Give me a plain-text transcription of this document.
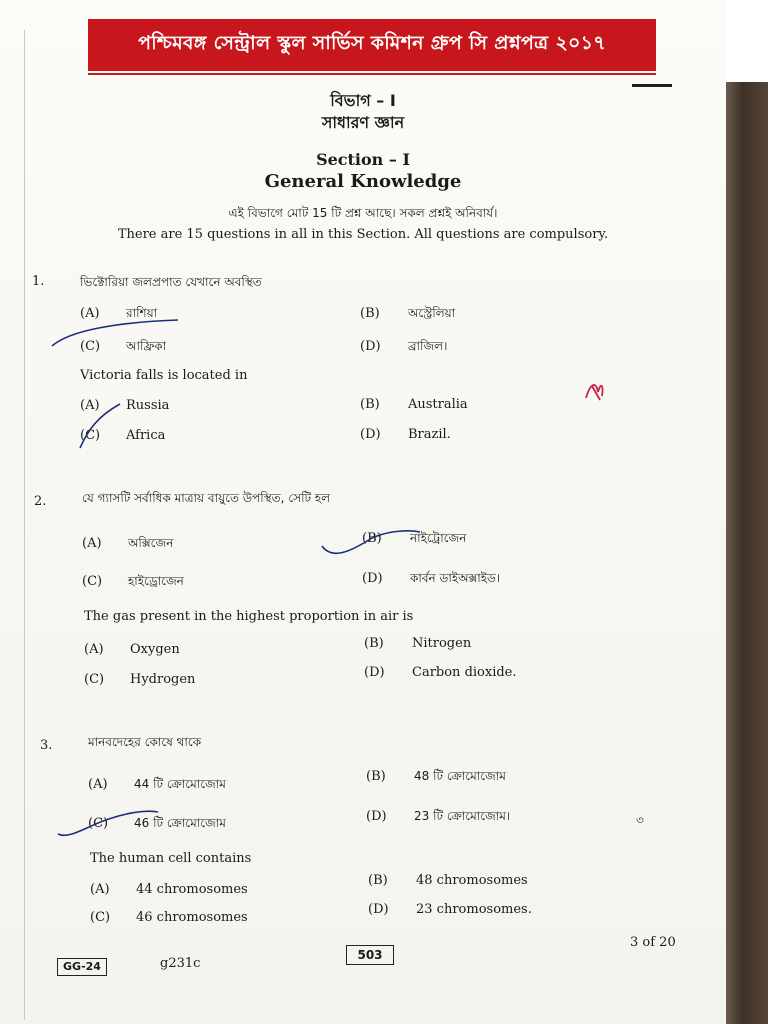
পশ্চিমবঙ্গ সেন্ট্রাল স্কুল সার্ভিস কমিশন গ্রুপ সি প্রশ্নপত্র ২০১৭
বিভাগ – I
সাধারণ জ্ঞান
Section – I
General Knowledge
এই বিভাগে মোট 15 টি প্রশ্ন আছে। সকল প্রশ্নই অনিবার্য।
There are 15 questions in all in this Section. All questions are compulsory.
1.	ভিক্টোরিয়া জলপ্রপাত যেখানে অবস্থিত
(A) রাশিয়া	(B) অস্ট্রেলিয়া
(C) আফ্রিকা	(D) ব্রাজিল।
Victoria falls is located in
(A) Russia	(B) Australia
(C) Africa	(D) Brazil.
2.	যে গ্যাসটি সর্বাধিক মাত্রায় বায়ুতে উপস্থিত, সেটি হল
(A) অক্সিজেন	(B) নাইট্রোজেন
(C) হাইড্রোজেন	(D) কার্বন ডাইঅক্সাইড।
The gas present in the highest proportion in air is
(A) Oxygen	(B) Nitrogen
(C) Hydrogen	(D) Carbon dioxide.
3.	মানবদেহের কোষে থাকে
(A) 44 টি ক্রোমোজোম	(B) 48 টি ক্রোমোজোম
(C) 46 টি ক্রোমোজোম	(D) 23 টি ক্রোমোজোম।
The human cell contains
(A) 44 chromosomes
(B) 48 chromosomes
(C) 46 chromosomes
(D) 23 chromosomes.
৩
GG-24	g231c
503
3 of 20
